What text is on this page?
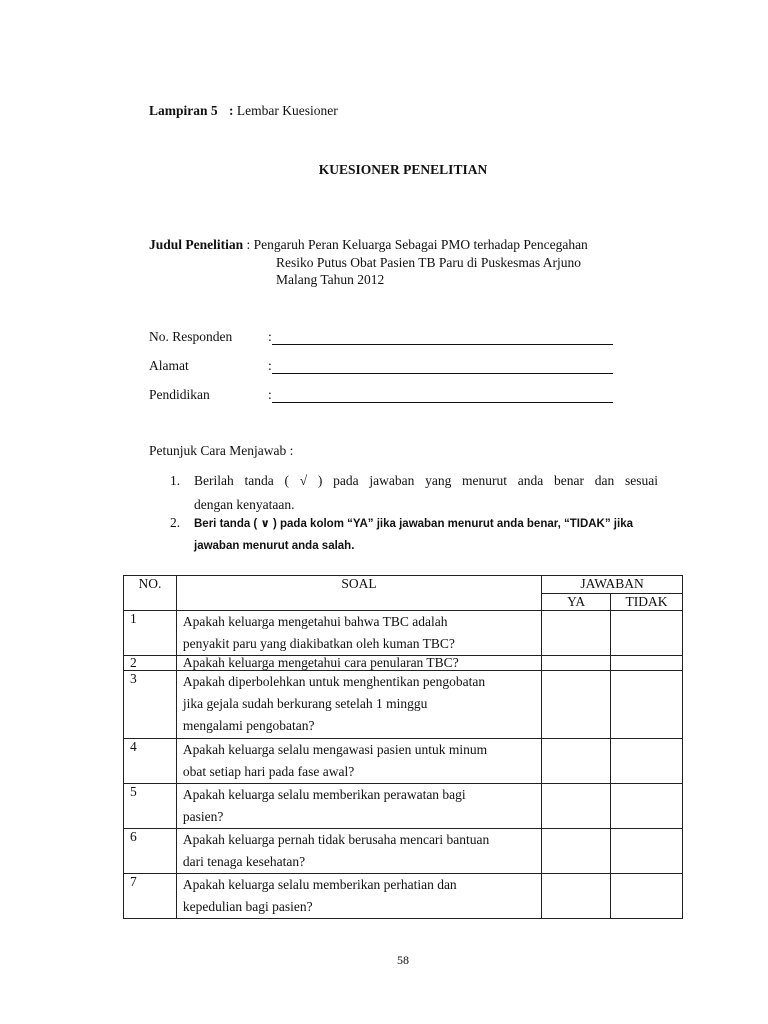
Lampiran 5 : Lembar Kuesioner
KUESIONER PENELITIAN
Judul Penelitian : Pengaruh Peran Keluarga Sebagai PMO terhadap Pencegahan
Resiko Putus Obat Pasien TB Paru di Puskesmas Arjuno
Malang Tahun 2012
No. Responden	:
Alamat	:
Pendidikan	:
Petunjuk Cara Menjawab :
1. Berilah tanda ( √ ) pada jawaban yang menurut anda benar dan sesuai
dengan kenyataan.
2. Beri tanda ( ∨ ) pada kolom “YA” jika jawaban menurut anda benar, “TIDAK” jika
jawaban menurut anda salah.
NO.	SOAL	JAWABAN	
		YA	TIDAK
1	Apakah keluarga mengetahui bahwa TBC adalah
penyakit paru yang diakibatkan oleh kuman TBC?		

2	Apakah keluarga mengetahui cara penularan TBC?		

3	Apakah diperbolehkan untuk menghentikan pengobatan
jika gejala sudah berkurang setelah 1 minggu
mengalami pengobatan?		

4	Apakah keluarga selalu mengawasi pasien untuk minum
obat setiap hari pada fase awal?		

5	Apakah keluarga selalu memberikan perawatan bagi
pasien?		

6	Apakah keluarga pernah tidak berusaha mencari bantuan
dari tenaga kesehatan?		

7	Apakah keluarga selalu memberikan perhatian dan
kepedulian bagi pasien?		

58
